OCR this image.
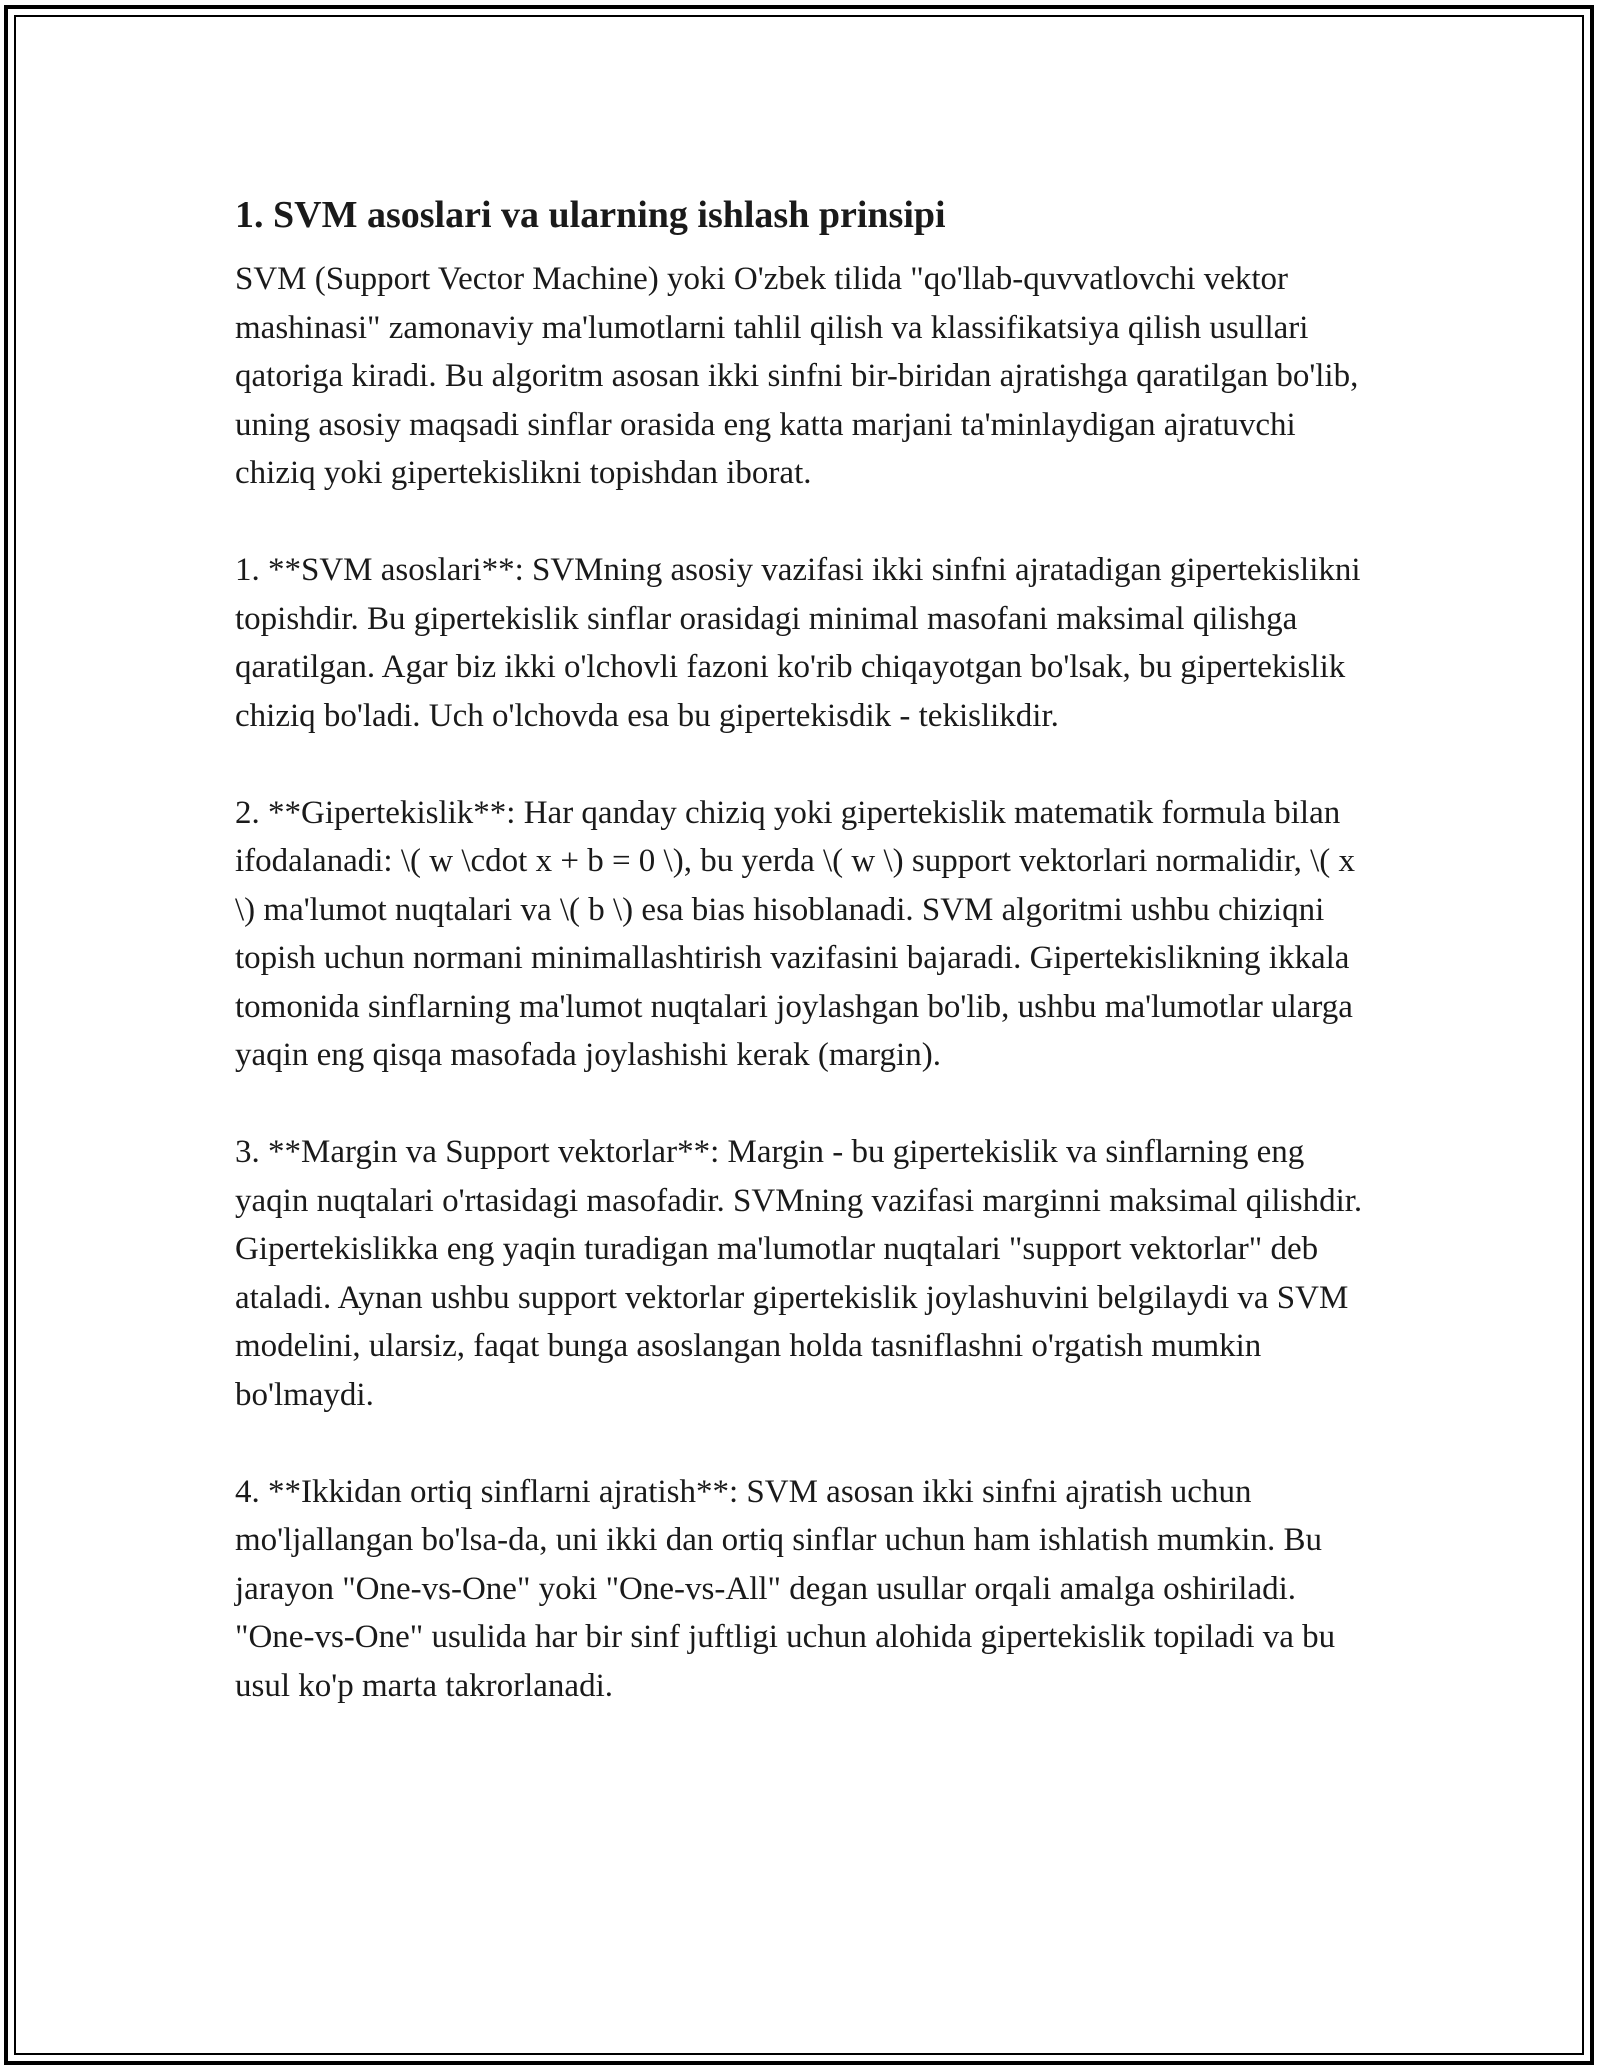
1. SVM asoslari va ularning ishlash prinsipi

SVM (Support Vector Machine) yoki O'zbek tilida "qo'llab-quvvatlovchi vektor mashinasi" zamonaviy ma'lumotlarni tahlil qilish va klassifikatsiya qilish usullari qatoriga kiradi. Bu algoritm asosan ikki sinfni bir-biridan ajratishga qaratilgan bo'lib, uning asosiy maqsadi sinflar orasida eng katta marjani ta'minlaydigan ajratuvchi chiziq yoki gipertekislikni topishdan iborat.

1. **SVM asoslari**: SVMning asosiy vazifasi ikki sinfni ajratadigan gipertekislikni topishdir. Bu gipertekislik sinflar orasidagi minimal masofani maksimal qilishga qaratilgan. Agar biz ikki o'lchovli fazoni ko'rib chiqayotgan bo'lsak, bu gipertekislik chiziq bo'ladi. Uch o'lchovda esa bu gipertekisdik - tekislikdir.

2. **Gipertekislik**: Har qanday chiziq yoki gipertekislik matematik formula bilan ifodalanadi: \( w \cdot x + b = 0 \), bu yerda \( w \) support vektorlari normalidir, \( x \) ma'lumot nuqtalari va \( b \) esa bias hisoblanadi. SVM algoritmi ushbu chiziqni topish uchun normani minimallashtirish vazifasini bajaradi. Gipertekislikning ikkala tomonida sinflarning ma'lumot nuqtalari joylashgan bo'lib, ushbu ma'lumotlar ularga yaqin eng qisqa masofada joylashishi kerak (margin).

3. **Margin va Support vektorlar**: Margin - bu gipertekislik va sinflarning eng yaqin nuqtalari o'rtasidagi masofadir. SVMning vazifasi marginni maksimal qilishdir. Gipertekislikka eng yaqin turadigan ma'lumotlar nuqtalari "support vektorlar" deb ataladi. Aynan ushbu support vektorlar gipertekislik joylashuvini belgilaydi va SVM modelini, ularsiz, faqat bunga asoslangan holda tasniflashni o'rgatish mumkin bo'lmaydi.

4. **Ikkidan ortiq sinflarni ajratish**: SVM asosan ikki sinfni ajratish uchun mo'ljallangan bo'lsa-da, uni ikki dan ortiq sinflar uchun ham ishlatish mumkin. Bu jarayon "One-vs-One" yoki "One-vs-All" degan usullar orqali amalga oshiriladi. "One-vs-One" usulida har bir sinf juftligi uchun alohida gipertekislik topiladi va bu usul ko'p marta takrorlanadi.
